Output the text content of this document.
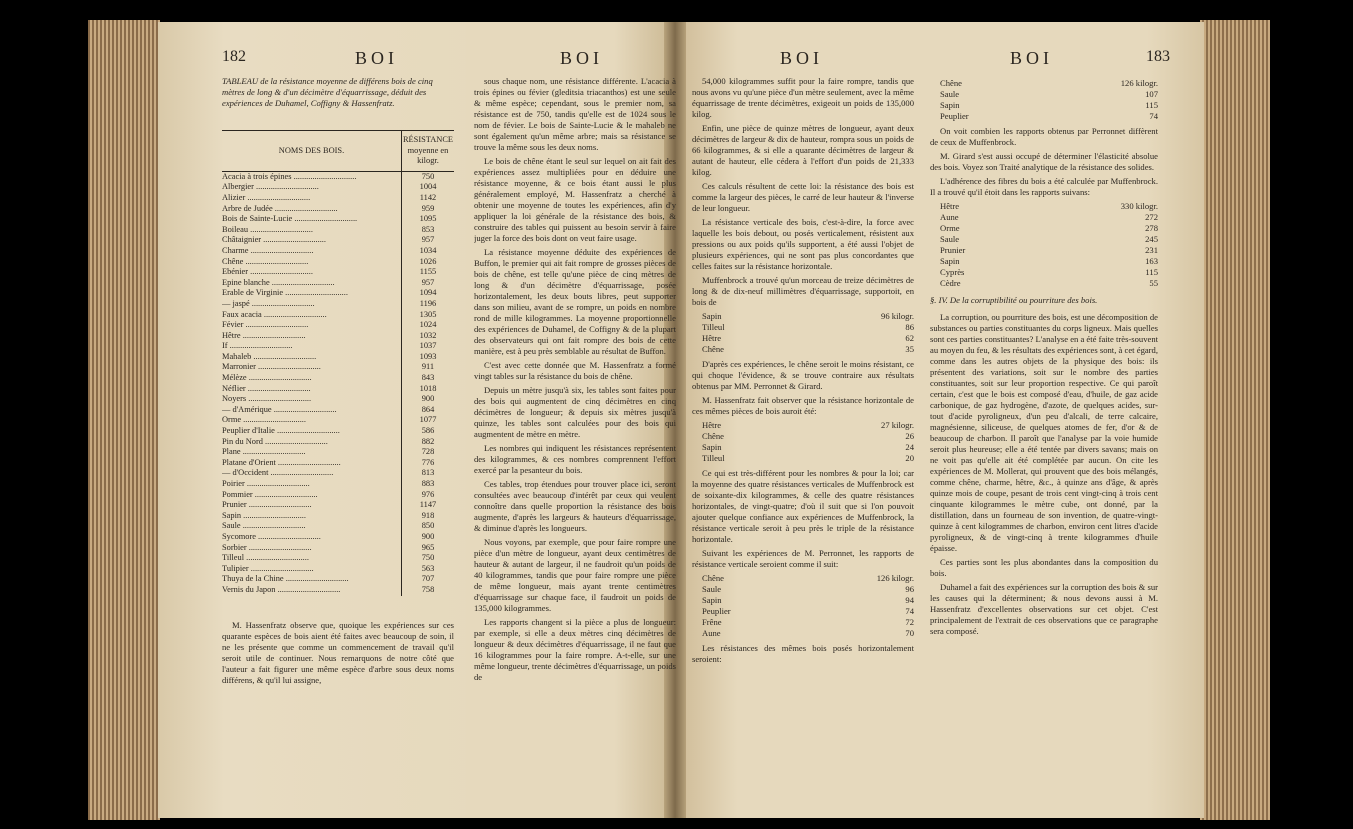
182	BOI	BOI
TABLEAU de la résistance moyenne de différens bois de cinq mètres de long & d'un décimètre d'équarrissage, déduit des expériences de Duhamel, Coffigny & Hassenfratz.
NOMS DES BOIS.	RÉSISTANCE moyenne en kilogr.
Acacia à trois épines ..............................	750
Albergier ..............................	1004
Alizier ..............................	1142
Arbre de Judée ..............................	959
Bois de Sainte-Lucie ..............................	1095
Boileau ..............................	853
Châtaignier ..............................	957
Charme ..............................	1034
Chêne ..............................	1026
Ebénier ..............................	1155
Epine blanche ..............................	957
Erable de Virginie ..............................	1094
— jaspé ..............................	1196
Faux acacia ..............................	1305
Févier ..............................	1024
Hêtre ..............................	1032
If ..............................	1037
Mahaleb ..............................	1093
Marronier ..............................	911
Mélèze ..............................	843
Néflier ..............................	1018
Noyers ..............................	900
— d'Amérique ..............................	864
Orme ..............................	1077
Peuplier d'Italie ..............................	586
Pin du Nord ..............................	882
Plane ..............................	728
Platane d'Orient ..............................	776
— d'Occident ..............................	813
Poirier ..............................	883
Pommier ..............................	976
Prunier ..............................	1147
Sapin ..............................	918
Saule ..............................	850
Sycomore ..............................	900
Sorbier ..............................	965
Tilleul ..............................	750
Tulipier ..............................	563
Thuya de la Chine ..............................	707
Vernis du Japon ..............................	758

M. Hassenfratz observe que, quoique les expériences sur ces quarante espèces de bois aient été faites avec beaucoup de soin, il ne les présente que comme un commencement de travail qu'il seroit utile de continuer. Nous remarquons de notre côté que l'auteur a fait figurer une même espèce d'arbre sous deux noms différens, & qu'il lui assigne,

sous chaque nom, une résistance différente. L'acacia à trois épines ou févier (gleditsia triacanthos) est une seule & même espèce; cependant, sous le premier nom, sa résistance est de 750, tandis qu'elle est de 1024 sous le nom de févier. Le bois de Sainte-Lucie & le mahaleb ne sont également qu'un même arbre; mais sa résistance se trouve la même sous les deux noms.

Le bois de chêne étant le seul sur lequel on ait fait des expériences assez multipliées pour en déduire une résistance moyenne, & ce bois étant aussi le plus généralement employé, M. Hassenfratz a cherché à obtenir une moyenne de toutes les expériences, afin d'y appliquer la loi générale de la résistance des bois, & construire des tables qui puissent au besoin servir à faire juger la force des bois dont on veut faire usage.

La résistance moyenne déduite des expériences de Buffon, le premier qui ait fait rompre de grosses pièces de bois de chêne, est telle qu'une pièce de cinq mètres de long & d'un décimètre d'équarrissage, posée horizontalement, les deux bouts libres, peut supporter dans son milieu, avant de se rompre, un poids en nombre rond de mille kilogrammes. La moyenne proportionnelle des expériences de Duhamel, de Coffigny & de la plupart des observateurs qui ont fait rompre des bois de cette manière, est à peu près semblable au résultat de Buffon.

C'est avec cette donnée que M. Hassenfratz a formé vingt tables sur la résistance du bois de chêne.

Depuis un mètre jusqu'à six, les tables sont faites pour des bois qui augmentent de cinq décimètres en cinq décimètres de longueur; & depuis six mètres jusqu'à quinze, les tables sont calculées pour des bois qui augmentent de mètre en mètre.

Les nombres qui indiquent les résistances représentent des kilogrammes, & ces nombres comprennent l'effort exercé par la pesanteur du bois.

Ces tables, trop étendues pour trouver place ici, seront consultées avec beaucoup d'intérêt par ceux qui veulent connoître dans quelle proportion la résistance des bois augmente, d'après les largeurs & hauteurs d'équarrissage, & diminue d'après les longueurs.

Nous voyons, par exemple, que pour faire rompre une pièce d'un mètre de longueur, ayant deux centimètres de hauteur & autant de largeur, il ne faudroit qu'un poids de 40 kilogrammes, tandis que pour faire rompre une pièce de même longueur, mais ayant trente centimètres d'équarrissage sur chaque face, il faudroit un poids de 135,000 kilogrammes.

Les rapports changent si la pièce a plus de longueur: par exemple, si elle a deux mètres cinq décimètres de longueur & deux décimètres d'équarrissage, il ne faut que 16 kilogrammes pour la faire rompre. A-t-elle, sur une même longueur, trente décimètres d'équarrissage, un poids de

BOI	BOI	183

54,000 kilogrammes suffit pour la faire rompre, tandis que nous avons vu qu'une pièce d'un mètre seulement, avec la même équarrissage de trente décimètres, exigeoit un poids de 135,000 kilog.

Enfin, une pièce de quinze mètres de longueur, ayant deux décimètres de largeur & dix de hauteur, rompra sous un poids de 66 kilogrammes, & si elle a quarante décimètres de largeur & autant de hauteur, elle cédera à l'effort d'un poids de 21,333 kilog.

Ces calculs résultent de cette loi: la résistance des bois est comme la largeur des pièces, le carré de leur hauteur & l'inverse de leur longueur.

La résistance verticale des bois, c'est-à-dire, la force avec laquelle les bois debout, ou posés verticalement, résistent aux pressions ou aux poids qu'ils supportent, a été aussi l'objet de plusieurs expériences, qui ne sont pas plus concordantes que celles faites sur la résistance horizontale.

Muffenbrock a trouvé qu'un morceau de treize décimètres de long & de dix-neuf millimètres d'équarrissage, supportoit, en bois de

Sapin	96 kilogr.
Tilleul	86
Hêtre	62
Chêne	35

D'après ces expériences, le chêne seroit le moins résistant, ce qui choque l'évidence, & se trouve contraire aux résultats obtenus par MM. Perronnet & Girard.

M. Hassenfratz fait observer que la résistance horizontale de ces mêmes pièces de bois auroit été:

Hêtre	27 kilogr.
Chêne	26
Sapin	24
Tilleul	20

Ce qui est très-différent pour les nombres & pour la loi; car la moyenne des quatre résistances verticales de Muffenbrock est de soixante-dix kilogrammes, & celle des quatre résistances horizontales, de vingt-quatre; d'où il suit que si l'on pouvoit ajouter quelque confiance aux expériences de Muffenbrock, la résistance verticale seroit à peu près le triple de la résistance horizontale.

Suivant les expériences de M. Perronnet, les rapports de résistance verticale seroient comme il suit:

Chêne	126 kilogr.
Saule	96
Sapin	94
Peuplier	74
Frêne	72
Aune	70

Les résistances des mêmes bois posés horizontalement seroient:

Chêne	126 kilogr.
Saule	107
Sapin	115
Peuplier	74

On voit combien les rapports obtenus par Perronnet diffèrent de ceux de Muffenbrock.

M. Girard s'est aussi occupé de déterminer l'élasticité absolue des bois. Voyez son Traité analytique de la résistance des solides.

L'adhérence des fibres du bois a été calculée par Muffenbrock. Il a trouvé qu'il étoit dans les rapports suivans:

Hêtre	330 kilogr.
Aune	272
Orme	278
Saule	245
Prunier	231
Sapin	163
Cyprès	115
Cèdre	55

§. IV. De la corruptibilité ou pourriture des bois.

La corruption, ou pourriture des bois, est une décomposition de substances ou parties constituantes du corps ligneux. Mais quelles sont ces parties constituantes? L'analyse en a été faite très-souvent au moyen du feu, & les résultats des expériences sont, à cet égard, comme dans les autres objets de la physique des bois: ils présentent des variations, soit sur le nombre des parties constituantes, soit sur leur proportion respective. Ce qui paroît certain, c'est que le bois est composé d'eau, d'huile, de gaz acide carbonique, de gaz hydrogène, d'azote, de quelques acides, sur-tout d'acide pyroligneux, d'un peu d'alcali, de terre calcaire, magnésienne, siliceuse, de quelques atomes de fer, d'or & de beaucoup de charbon. Il paroît que l'analyse par la voie humide seroit plus heureuse; elle a été tentée par divers savans; mais on ne voit pas qu'elle ait été complétée par aucun. On cite les expériences de M. Mollerat, qui prouvent que des bois mélangés, comme chêne, charme, hêtre, &c., à quinze ans d'âge, & après quinze mois de coupe, pesant de trois cent vingt-cinq à trois cent cinquante kilogrammes le mètre cube, ont donné, par la distillation, dans un fourneau de son invention, de quatre-vingt-quinze à cent kilogrammes de charbon, environ cent litres d'acide pyroligneux, & de vingt-cinq à trente kilogrammes d'huile épaisse.

Ces parties sont les plus abondantes dans la composition du bois.

Duhamel a fait des expériences sur la corruption des bois & sur les causes qui la déterminent; & nous devons aussi à M. Hassenfratz d'excellentes observations sur cet objet. C'est principalement de l'extrait de ces observations que ce paragraphe sera composé.
